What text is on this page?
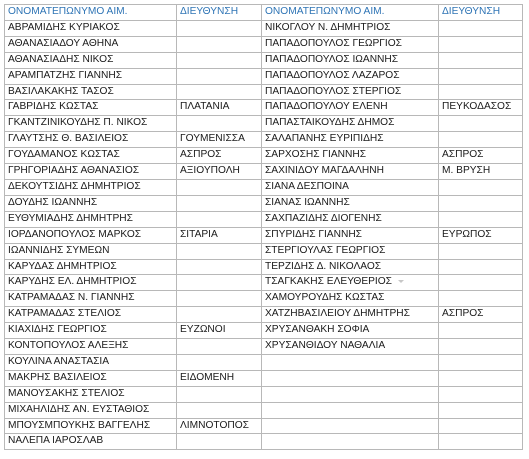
ΟΝΟΜΑΤΕΠΩΝΥΜΟ ΑΙΜ.	ΔΙΕΥΘΥΝΣΗ	ΟΝΟΜΑΤΕΠΩΝΥΜΟ ΑΙΜ.	ΔΙΕΥΘΥΝΣΗ
ΑΒΡΑΜΙΔΗΣ ΚΥΡΙΑΚΟΣ		ΝΙΚΟΓΛΟΥ Ν. ΔΗΜΗΤΡΙΟΣ	
ΑΘΑΝΑΣΙΑΔΟΥ ΑΘΗΝΑ		ΠΑΠΑΔΟΠΟΥΛΟΣ ΓΕΩΡΓΙΟΣ	
ΑΘΑΝΑΣΙΑΔΗΣ ΝΙΚΟΣ		ΠΑΠΑΔΟΠΟΥΛΟΣ ΙΩΑΝΝΗΣ	
ΑΡΑΜΠΑΤΖΗΣ ΓΙΑΝΝΗΣ		ΠΑΠΑΔΟΠΟΥΛΟΣ ΛΑΖΑΡΟΣ	
ΒΑΣΙΛΑΚΑΚΗΣ ΤΑΣΟΣ		ΠΑΠΑΔΟΠΟΥΛΟΣ ΣΤΕΡΓΙΟΣ	
ΓΑΒΡΙΔΗΣ ΚΩΣΤΑΣ	ΠΛΑΤΑΝΙΑ	ΠΑΠΑΔΟΠΟΥΛΟΥ ΕΛΕΝΗ	ΠΕΥΚΟΔΑΣΟΣ
ΓΚΑΝΤΖΙΝΙΚΟΥΔΗΣ Π. ΝΙΚΟΣ		ΠΑΠΑΣΤΑΙΚΟΥΔΗΣ ΔΗΜΟΣ	
ΓΛΑΥΤΣΗΣ Θ. ΒΑΣΙΛΕΙΟΣ	ΓΟΥΜΕΝΙΣΣΑ	ΣΑΛΑΠΑΝΗΣ ΕΥΡΙΠΙΔΗΣ	
ΓΟΥΔΑΜΑΝΟΣ ΚΩΣΤΑΣ	ΑΣΠΡΟΣ	ΣΑΡΧΟΣΗΣ ΓΙΑΝΝΗΣ	ΑΣΠΡΟΣ
ΓΡΗΓΟΡΙΑΔΗΣ ΑΘΑΝΑΣΙΟΣ	ΑΞΙΟΥΠΟΛΗ	ΣΑΧΙΝΙΔΟΥ ΜΑΓΔΑΛΗΝΗ	Μ. ΒΡΥΣΗ
ΔΕΚΟΥΤΣΙΔΗΣ ΔΗΜΗΤΡΙΟΣ		ΣΙΑΝΑ ΔΕΣΠΟΙΝΑ	
ΔΟΥΔΗΣ ΙΩΑΝΝΗΣ		ΣΙΑΝΑΣ ΙΩΑΝΝΗΣ	
ΕΥΘΥΜΙΑΔΗΣ ΔΗΜΗΤΡΗΣ		ΣΑΧΠΑΖΙΔΗΣ ΔΙΟΓΕΝΗΣ	
ΙΟΡΔΑΝΟΠΟΥΛΟΣ ΜΑΡΚΟΣ	ΣΙΤΑΡΙΑ	ΣΠΥΡΙΔΗΣ ΓΙΑΝΝΗΣ	ΕΥΡΩΠΟΣ
ΙΩΑΝΝΙΔΗΣ ΣΥΜΕΩΝ		ΣΤΕΡΓΙΟΥΛΑΣ ΓΕΩΡΓΙΟΣ	
ΚΑΡΥΔΑΣ ΔΗΜΗΤΡΙΟΣ		ΤΕΡΖΙΔΗΣ Δ. ΝΙΚΟΛΑΟΣ	
ΚΑΡΥΔΗΣ ΕΛ. ΔΗΜΗΤΡΙΟΣ		ΤΣΑΓΚΑΚΗΣ ΕΛΕΥΘΕΡΙΟΣ	
ΚΑΤΡΑΜΑΔΑΣ Ν. ΓΙΑΝΝΗΣ		ΧΑΜΟΥΡΟΥΔΗΣ ΚΩΣΤΑΣ	
ΚΑΤΡΑΜΑΔΑΣ ΣΤΕΛΙΟΣ		ΧΑΤΖΗΒΑΣΙΛΕΙΟΥ ΔΗΜΗΤΡΗΣ	ΑΣΠΡΟΣ
ΚΙΑΧΙΔΗΣ ΓΕΩΡΓΙΟΣ	ΕΥΖΩΝΟΙ	ΧΡΥΣΑΝΘΑΚΗ ΣΟΦΙΑ	
ΚΟΝΤΟΠΟΥΛΟΣ ΑΛΕΞΗΣ		ΧΡΥΣΑΝΘΙΔΟΥ ΝΑΘΑΛΙΑ	
ΚΟΥΛΙΝΑ ΑΝΑΣΤΑΣΙΑ			
ΜΑΚΡΗΣ ΒΑΣΙΛΕΙΟΣ	ΕΙΔΟΜΕΝΗ		
ΜΑΝΟΥΣΑΚΗΣ ΣΤΕΛΙΟΣ			
ΜΙΧΑΗΛΙΔΗΣ ΑΝ. ΕΥΣΤΑΘΙΟΣ			
ΜΠΟΥΣΜΠΟΥΚΗΣ ΒΑΓΓΕΛΗΣ	ΛΙΜΝΟΤΟΠΟΣ		
ΝΑΛΕΠΑ ΙΑΡΟΣΛΑΒ			
